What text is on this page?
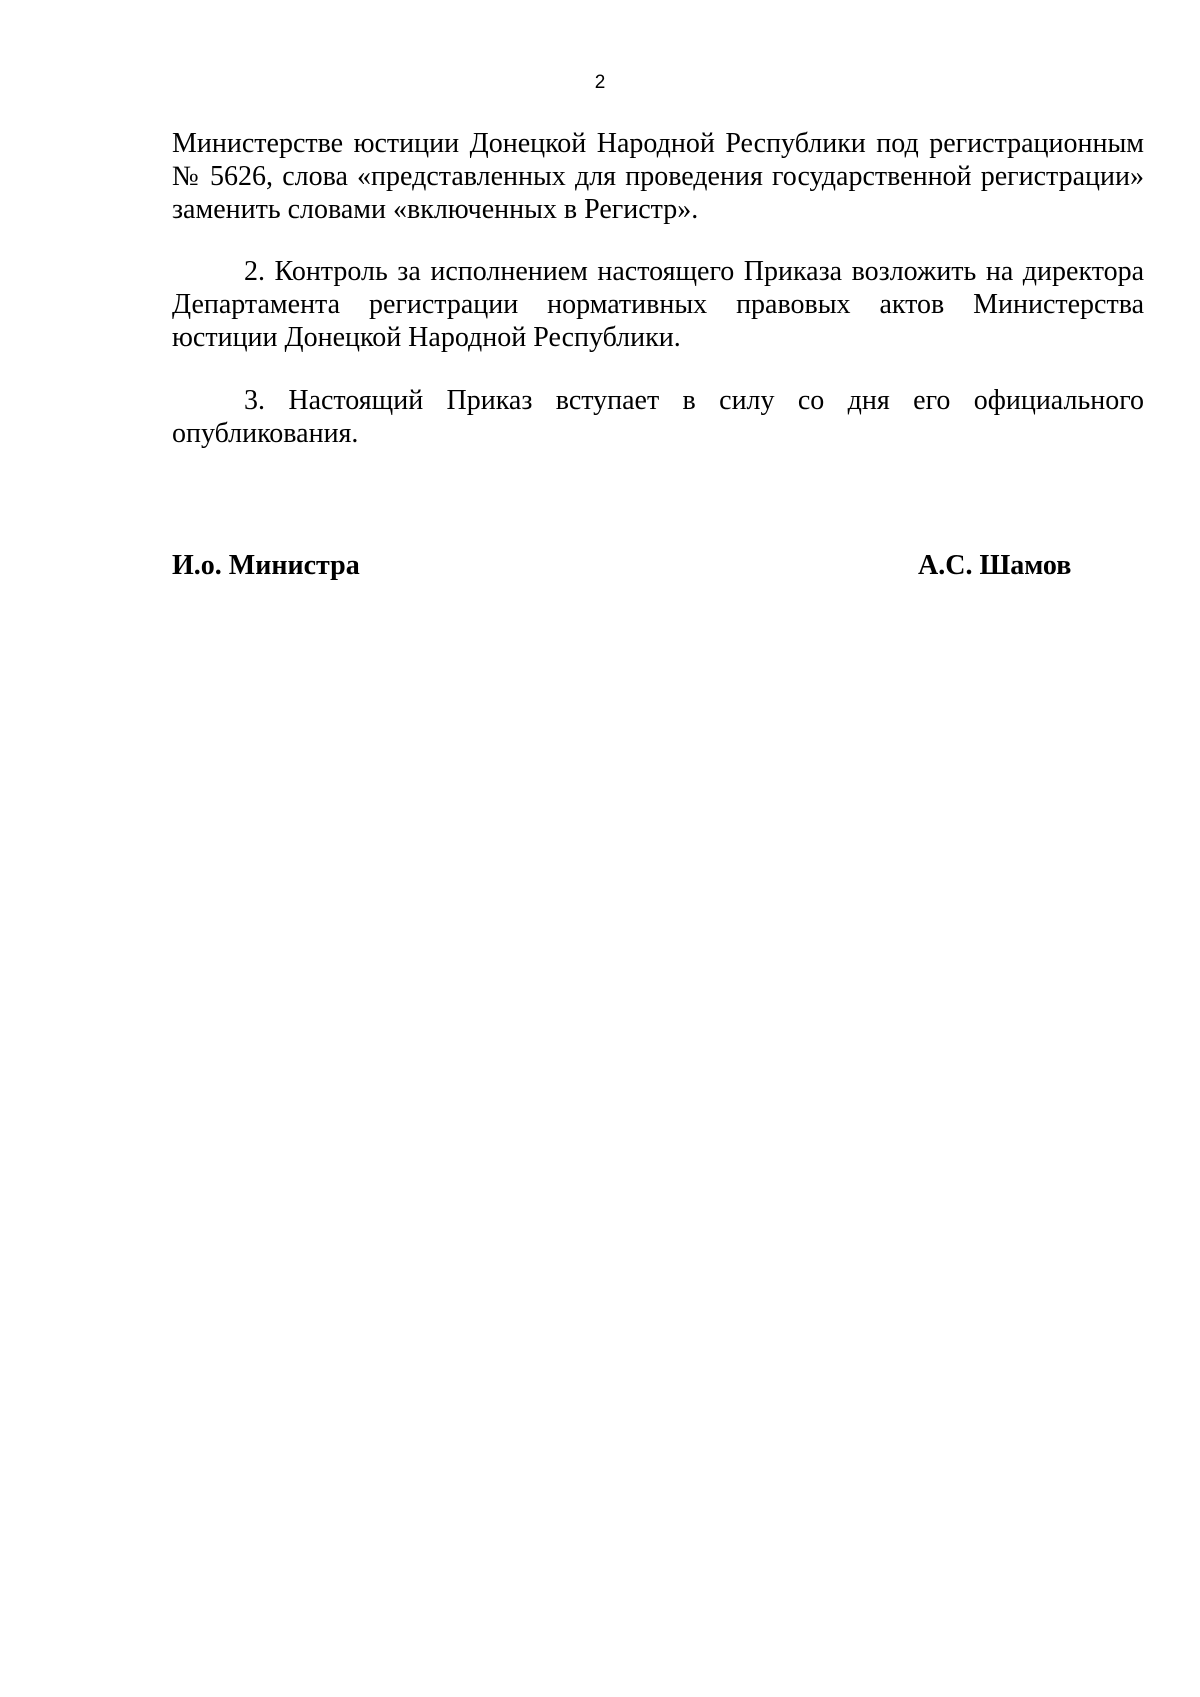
2

Министерстве юстиции Донецкой Народной Республики под регистрационным № 5626, слова «представленных для проведения государственной регистрации» заменить словами «включенных в Регистр».

2. Контроль за исполнением настоящего Приказа возложить на директора Департамента регистрации нормативных правовых актов Министерства юстиции Донецкой Народной Республики.

3. Настоящий Приказ вступает в силу со дня его официального опубликования.

И.о. Министра	А.С. Шамов
